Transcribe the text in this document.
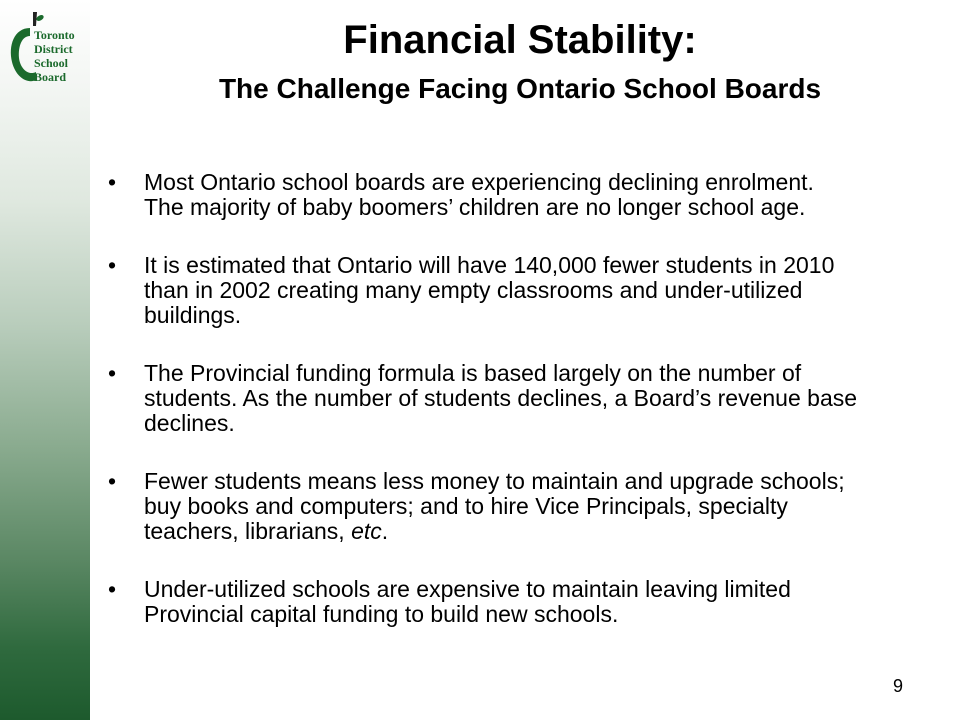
Toronto
District
School
Board
Financial Stability:
The Challenge Facing Ontario School Boards
• Most Ontario school boards are experiencing declining enrolment. The majority of baby boomers’ children are no longer school age.
• It is estimated that Ontario will have 140,000 fewer students in 2010 than in 2002 creating many empty classrooms and under-utilized buildings.
• The Provincial funding formula is based largely on the number of students. As the number of students declines, a Board’s revenue base declines.
• Fewer students means less money to maintain and upgrade schools; buy books and computers; and to hire Vice Principals, specialty teachers, librarians, etc.
• Under-utilized schools are expensive to maintain leaving limited Provincial capital funding to build new schools.
9
